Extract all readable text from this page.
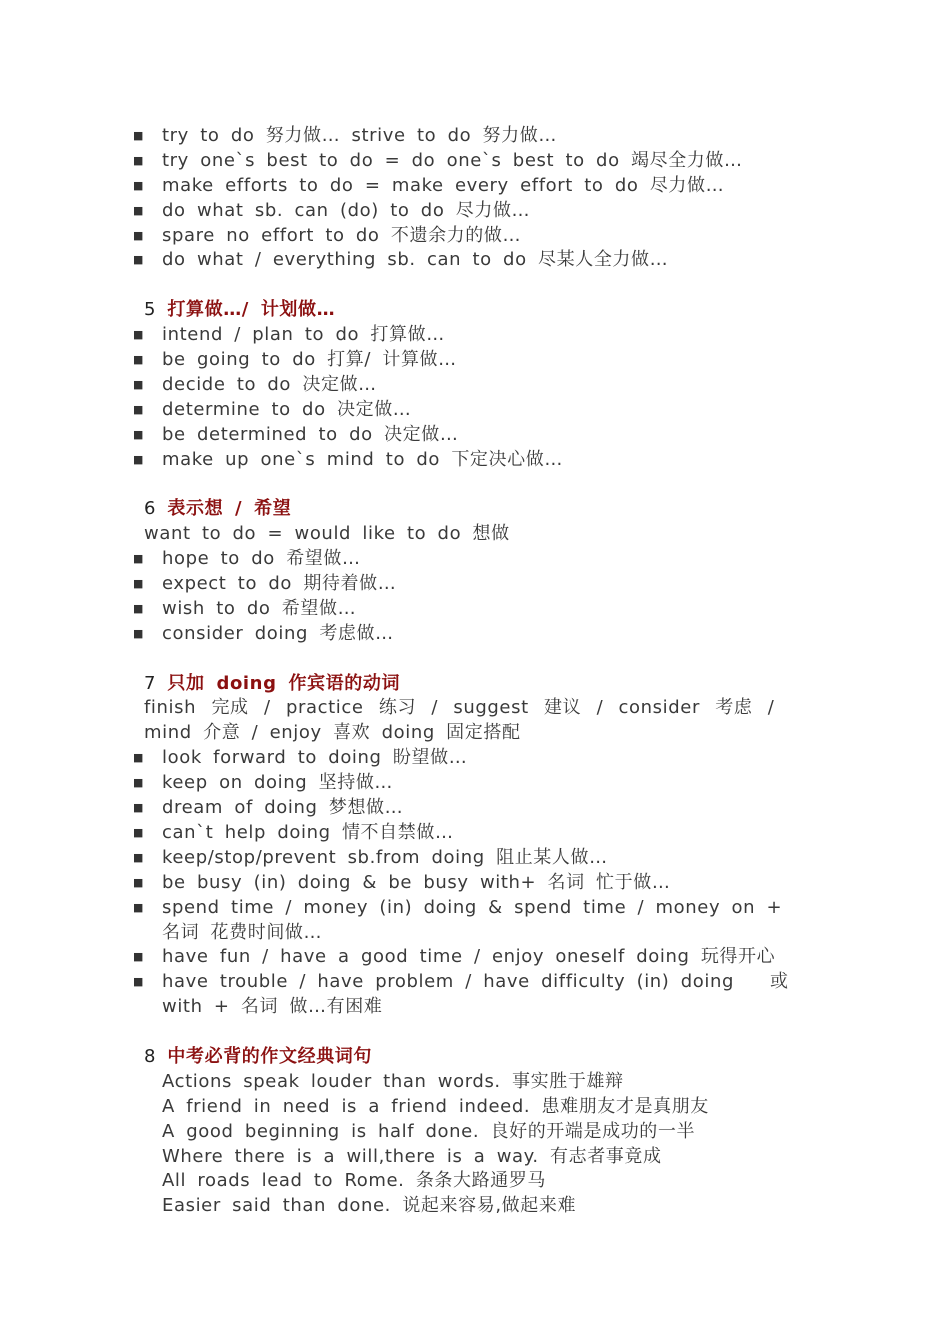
■ try to do 努力做… strive to do 努力做…
■ try one`s best to do = do one`s best to do 竭尽全力做…
■ make efforts to do = make every effort to do 尽力做…
■ do what sb. can (do) to do 尽力做…
■ spare no effort to do 不遗余力的做…
■ do what / everything sb. can to do 尽某人全力做…
5 打算做…/ 计划做…
■ intend / plan to do 打算做…
■ be going to do 打算/ 计算做…
■ decide to do 决定做…
■ determine to do 决定做…
■ be determined to do 决定做…
■ make up one`s mind to do 下定决心做…
6 表示想 / 希望
want to do = would like to do 想做
■ hope to do 希望做…
■ expect to do 期待着做…
■ wish to do 希望做…
■ consider doing 考虑做…
7 只加 doing 作宾语的动词
finish 完成 / practice 练习 / suggest 建议 / consider 考虑 /
mind 介意 / enjoy 喜欢 doing 固定搭配
■ look forward to doing 盼望做…
■ keep on doing 坚持做…
■ dream of doing 梦想做…
■ can`t help doing 情不自禁做…
■ keep/stop/prevent sb.from doing 阻止某人做…
■ be busy (in) doing & be busy with+ 名词 忙于做…
■ spend time / money (in) doing & spend time / money on +
名词 花费时间做…
■ have fun / have a good time / enjoy oneself doing 玩得开心
■ have trouble / have problem / have difficulty (in) doing 或
with + 名词 做…有困难
8 中考必背的作文经典词句
Actions speak louder than words. 事实胜于雄辩
A friend in need is a friend indeed. 患难朋友才是真朋友
A good beginning is half done. 良好的开端是成功的一半
Where there is a will,there is a way. 有志者事竟成
All roads lead to Rome. 条条大路通罗马
Easier said than done. 说起来容易,做起来难
